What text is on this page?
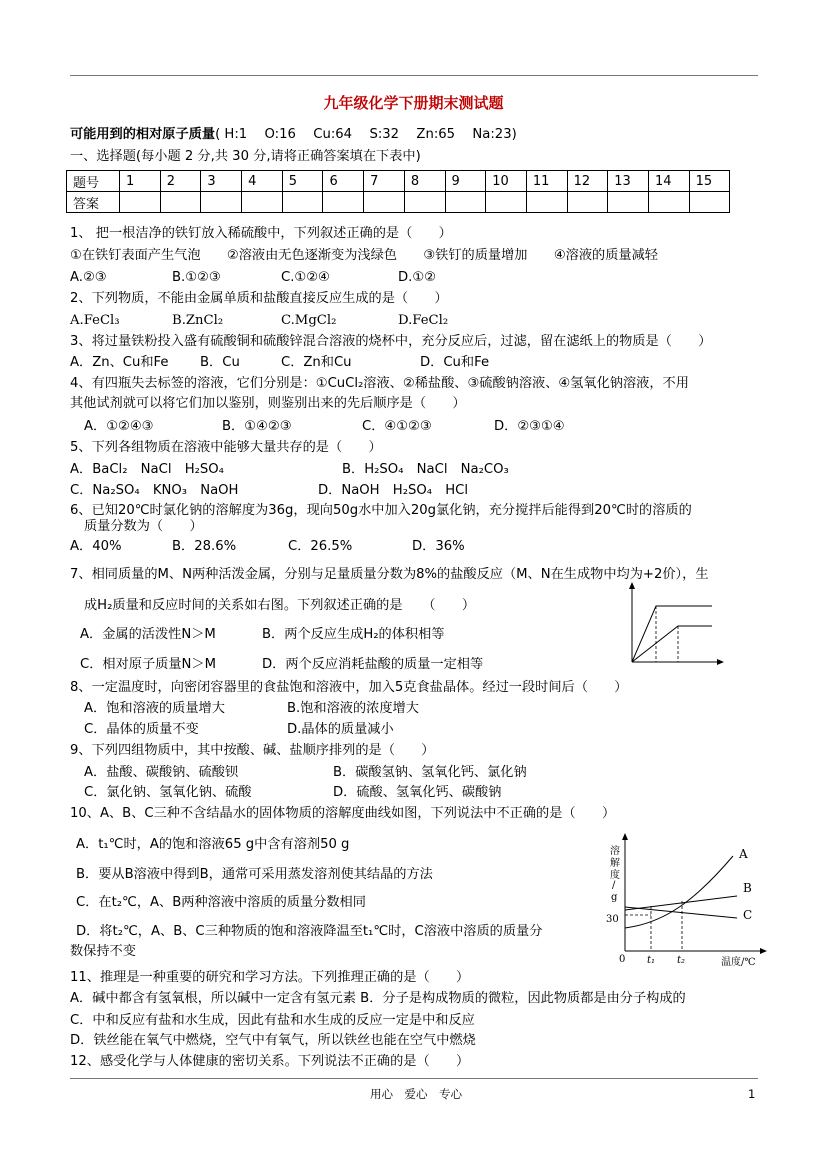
九年级化学下册期末测试题
可能用到的相对原子质量( H:1　 O:16　 Cu:64　 S:32　 Zn:65　 Na:23)
一、选择题(每小题 2 分,共 30 分,请将正确答案填在下表中)
题号	1	2	3	4	5	6	7	8	9	10	11	12	13	14	15
答案															
1、 把一根洁净的铁钉放入稀硫酸中，下列叙述正确的是（　　）
①在铁钉表面产生气泡　　②溶液由无色逐渐变为浅绿色　　③铁钉的质量增加　　④溶液的质量减轻
A.②③	B.①②③	C.①②④	D.①②
2、下列物质，不能由金属单质和盐酸直接反应生成的是（　　）
A.FeCl₃	B.ZnCl₂	C.MgCl₂	D.FeCl₂
3、将过量铁粉投入盛有硫酸铜和硫酸锌混合溶液的烧杯中，充分反应后，过滤，留在滤纸上的物质是（　　）
A．Zn、Cu和Fe B．Cu	C．Zn和Cu	D．Cu和Fe
4、有四瓶失去标签的溶液，它们分别是：①CuCl₂溶液、②稀盐酸、③硫酸钠溶液、④氢氧化钠溶液，不用
其他试剂就可以将它们加以鉴别，则鉴别出来的先后顺序是（　　）
A．①②④③	B．①④②③	C．④①②③	D．②③①④
5、下列各组物质在溶液中能够大量共存的是（　　）
A．BaCl₂　NaCl　H₂SO₄	B．H₂SO₄　NaCl　Na₂CO₃
C．Na₂SO₄　KNO₃　NaOH	D．NaOH　H₂SO₄　HCl
6、已知20℃时氯化钠的溶解度为36g，现向50g水中加入20g氯化钠，充分搅拌后能得到20℃时的溶质的
质量分数为（　　）
A．40%	B．28.6%	C．26.5%	D．36%
7、相同质量的M、N两种活泼金属，分别与足量质量分数为8%的盐酸反应（M、N在生成物中均为+2价），生
成H₂质量和反应时间的关系如右图。下列叙述正确的是　　（　　）
A．金属的活泼性N＞M	B．两个反应生成H₂的体积相等
C．相对原子质量N＞M	D．两个反应消耗盐酸的质量一定相等
8、一定温度时，向密闭容器里的食盐饱和溶液中，加入5克食盐晶体。经过一段时间后（　　）
A．饱和溶液的质量增大	B.饱和溶液的浓度增大
C．晶体的质量不变	D.晶体的质量减小
9、下列四组物质中，其中按酸、碱、盐顺序排列的是（　　）
A．盐酸、碳酸钠、硫酸钡	B．碳酸氢钠、氢氧化钙、氯化钠
C．氯化钠、氢氧化钠、硫酸	D．硫酸、氢氧化钙、碳酸钠
10、A、B、C三种不含结晶水的固体物质的溶解度曲线如图，下列说法中不正确的是（　　）
A．t₁℃时，A的饱和溶液65 g中含有溶剂50 g
B．要从B溶液中得到B，通常可采用蒸发溶剂使其结晶的方法
C．在t₂℃，A、B两种溶液中溶质的质量分数相同
D．将t₂℃，A、B、C三种物质的饱和溶液降温至t₁℃时，C溶液中溶质的质量分
数保持不变
溶
解
度
/
g
30
0 t₁ t₂	温度/℃
A
B
C
11、推理是一种重要的研究和学习方法。下列推理正确的是（　　）
A．碱中都含有氢氧根，所以碱中一定含有氢元素 B．分子是构成物质的微粒，因此物质都是由分子构成的
C．中和反应有盐和水生成，因此有盐和水生成的反应一定是中和反应
D．铁丝能在氧气中燃烧，空气中有氧气，所以铁丝也能在空气中燃烧
12、感受化学与人体健康的密切关系。下列说法不正确的是（　　）
用心　爱心　专心	1
